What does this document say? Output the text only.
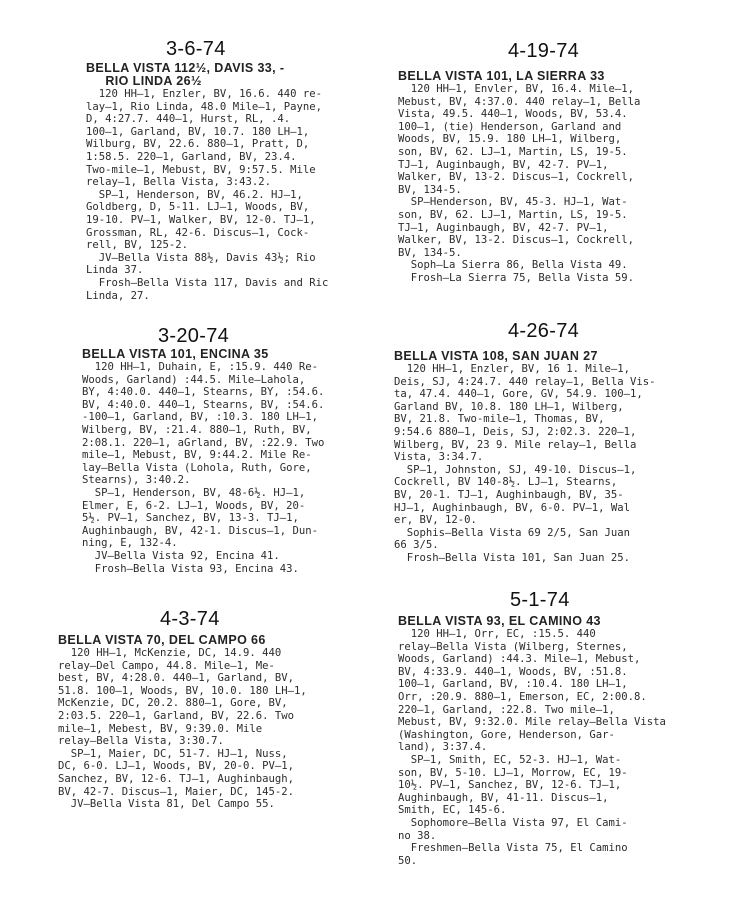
3-6-74
BELLA VISTA 112½, DAVIS 33, -
RIO LINDA 26½
120 HH—1, Enzler, BV, 16.6. 440 re-
lay—1, Rio Linda, 48.0 Mile—1, Payne,
D, 4:27.7. 440—1, Hurst, RL, .4.
100—1, Garland, BV, 10.7. 180 LH—1,
Wilburg, BV, 22.6. 880—1, Pratt, D,
1:58.5. 220—1, Garland, BV, 23.4.
Two-mile—1, Mebust, BV, 9:57.5. Mile
relay—1, Bella Vista, 3:43.2.
SP—1, Henderson, BV, 46.2. HJ—1,
Goldberg, D, 5-11. LJ—1, Woods, BV,
19-10. PV—1, Walker, BV, 12-0. TJ—1,
Grossman, RL, 42-6. Discus—1, Cock-
rell, BV, 125-2.
JV—Bella Vista 88½, Davis 43½; Rio
Linda 37.
Frosh—Bella Vista 117, Davis and Ric
Linda, 27.
3-20-74
BELLA VISTA 101, ENCINA 35
120 HH—1, Duhain, E, :15.9. 440 Re-
Woods, Garland) :44.5. Mile—Lahola,
BY, 4:40.0. 440—1, Stearns, BY, :54.6.
BV, 4:40.0. 440—1, Stearns, BV, :54.6.
-100—1, Garland, BV, :10.3. 180 LH—1,
Wilberg, BV, :21.4. 880—1, Ruth, BV,
2:08.1. 220—1, aGrland, BV, :22.9. Two
mile—1, Mebust, BV, 9:44.2. Mile Re-
lay—Bella Vista (Lohola, Ruth, Gore,
Stearns), 3:40.2.
SP—1, Henderson, BV, 48-6½. HJ—1,
Elmer, E, 6-2. LJ—1, Woods, BV, 20-
5½. PV—1, Sanchez, BV, 13-3. TJ—1,
Aughinbaugh, BV, 42-1. Discus—1, Dun-
ning, E, 132-4.
JV—Bella Vista 92, Encina 41.
Frosh—Bella Vista 93, Encina 43.
4-3-74
BELLA VISTA 70, DEL CAMPO 66
120 HH—1, McKenzie, DC, 14.9. 440
relay—Del Campo, 44.8. Mile—1, Me-
best, BV, 4:28.0. 440—1, Garland, BV,
51.8. 100—1, Woods, BV, 10.0. 180 LH—1,
McKenzie, DC, 20.2. 880—1, Gore, BV,
2:03.5. 220—1, Garland, BV, 22.6. Two
mile—1, Mebest, BV, 9:39.0. Mile
relay—Bella Vista, 3:30.7.
SP—1, Maier, DC, 51-7. HJ—1, Nuss,
DC, 6-0. LJ—1, Woods, BV, 20-0. PV—1,
Sanchez, BV, 12-6. TJ—1, Aughinbaugh,
BV, 42-7. Discus—1, Maier, DC, 145-2.
JV—Bella Vista 81, Del Campo 55.
4-19-74
BELLA VISTA 101, LA SIERRA 33
120 HH—1, Envler, BV, 16.4. Mile—1,
Mebust, BV, 4:37.0. 440 relay—1, Bella
Vista, 49.5. 440—1, Woods, BV, 53.4.
100—1, (tie) Henderson, Garland and
Woods, BV, 15.9. 180 LH—1, Wilberg,
son, BV, 62. LJ—1, Martin, LS, 19-5.
TJ—1, Auginbaugh, BV, 42-7. PV—1,
Walker, BV, 13-2. Discus—1, Cockrell,
BV, 134-5.
SP—Henderson, BV, 45-3. HJ—1, Wat-
son, BV, 62. LJ—1, Martin, LS, 19-5.
TJ—1, Auginbaugh, BV, 42-7. PV—1,
Walker, BV, 13-2. Discus—1, Cockrell,
BV, 134-5.
Soph—La Sierra 86, Bella Vista 49.
Frosh—La Sierra 75, Bella Vista 59.
4-26-74
BELLA VISTA 108, SAN JUAN 27
120 HH—1, Enzler, BV, 16 1. Mile—1,
Deis, SJ, 4:24.7. 440 relay—1, Bella Vis-
ta, 47.4. 440—1, Gore, GV, 54.9. 100—1,
Garland BV, 10.8. 180 LH—1, Wilberg,
BV, 21.8. Two-mile—1, Thomas, BV,
9:54.6 880—1, Deis, SJ, 2:02.3. 220—1,
Wilberg, BV, 23 9. Mile relay—1, Bella
Vista, 3:34.7.
SP—1, Johnston, SJ, 49-10. Discus—1,
Cockrell, BV 140-8½. LJ—1, Stearns,
BV, 20-1. TJ—1, Aughinbaugh, BV, 35-
HJ—1, Aughinbaugh, BV, 6-0. PV—1, Wal
er, BV, 12-0.
Sophis—Bella Vista 69 2/5, San Juan
66 3/5.
Frosh—Bella Vista 101, San Juan 25.
5-1-74
BELLA VISTA 93, EL CAMINO 43
120 HH—1, Orr, EC, :15.5. 440
relay—Bella Vista (Wilberg, Sternes,
Woods, Garland) :44.3. Mile—1, Mebust,
BV, 4:33.9. 440—1, Woods, BV, :51.8.
100—1, Garland, BV, :10.4. 180 LH—1,
Orr, :20.9. 880—1, Emerson, EC, 2:00.8.
220—1, Garland, :22.8. Two mile—1,
Mebust, BV, 9:32.0. Mile relay—Bella Vista
(Washington, Gore, Henderson, Gar-
land), 3:37.4.
SP—1, Smith, EC, 52-3. HJ—1, Wat-
son, BV, 5-10. LJ—1, Morrow, EC, 19-
10½. PV—1, Sanchez, BV, 12-6. TJ—1,
Aughinbaugh, BV, 41-11. Discus—1,
Smith, EC, 145-6.
Sophomore—Bella Vista 97, El Cami-
no 38.
Freshmen—Bella Vista 75, El Camino
50.
